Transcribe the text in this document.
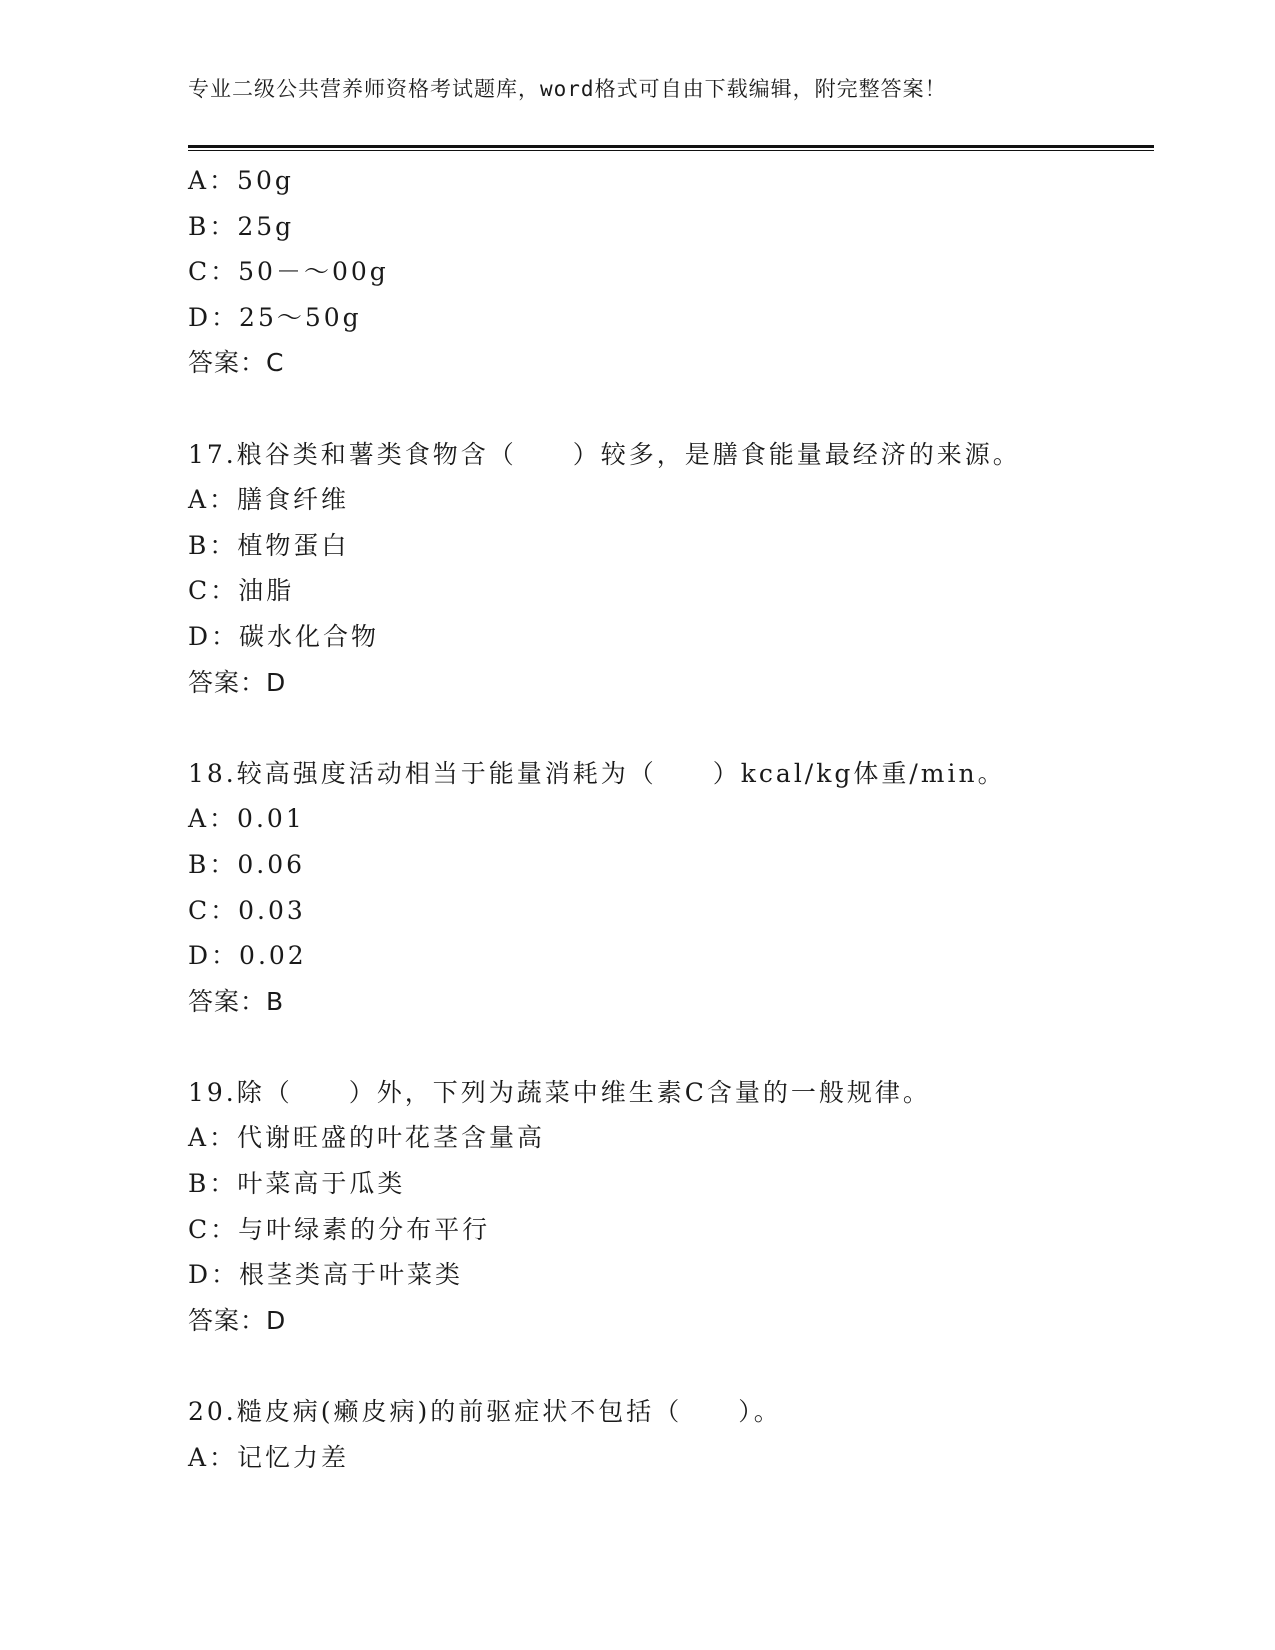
专业二级公共营养师资格考试题库，word格式可自由下载编辑，附完整答案！
A：50g
B：25g
C：50－～00g
D：25～50g
答案：C
17.粮谷类和薯类食物含（　　）较多，是膳食能量最经济的来源。
A：膳食纤维
B：植物蛋白
C：油脂
D：碳水化合物
答案：D
18.较高强度活动相当于能量消耗为（　　）kcal/kg体重/min。
A：0.01
B：0.06
C：0.03
D：0.02
答案：B
19.除（　　）外，下列为蔬菜中维生素C含量的一般规律。
A：代谢旺盛的叶花茎含量高
B：叶菜高于瓜类
C：与叶绿素的分布平行
D：根茎类高于叶菜类
答案：D
20.糙皮病(癞皮病)的前驱症状不包括（　　）。
A：记忆力差
